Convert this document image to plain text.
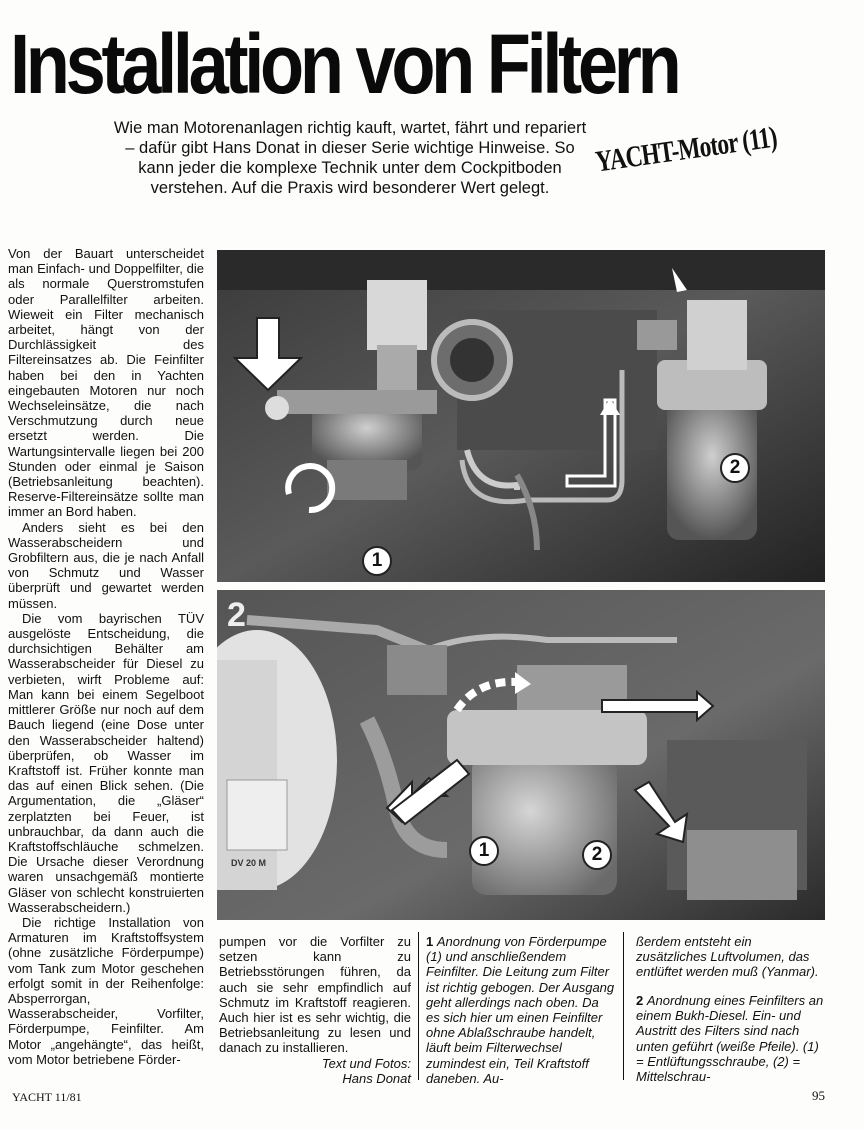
Installation von Filtern
Wie man Motorenanlagen richtig kauft, wartet, fährt und repariert – dafür gibt Hans Donat in dieser Serie wichtige Hinweise. So kann jeder die komplexe Technik unter dem Cockpitboden verstehen. Auf die Praxis wird besonderer Wert gelegt.
YACHT-Motor (11)

Von der Bauart unterscheidet man Einfach- und Doppelfilter, die als normale Querstromstufen oder Parallelfilter arbeiten. Wieweit ein Filter mechanisch arbeitet, hängt von der Durchlässigkeit des Filtereinsatzes ab. Die Feinfilter haben bei den in Yachten eingebauten Motoren nur noch Wechseleinsätze, die nach Verschmutzung durch neue ersetzt werden. Die Wartungsintervalle liegen bei 200 Stunden oder einmal je Saison (Betriebsanleitung beachten). Reserve-Filtereinsätze sollte man immer an Bord haben.

Anders sieht es bei den Wasserabscheidern und Grobfiltern aus, die je nach Anfall von Schmutz und Wasser überprüft und gewartet werden müssen.

Die vom bayrischen TÜV ausgelöste Entscheidung, die durchsichtigen Behälter am Wasserabscheider für Diesel zu verbieten, wirft Probleme auf: Man kann bei einem Segelboot mittlerer Größe nur noch auf dem Bauch liegend (eine Dose unter den Wasserabscheider haltend) überprüfen, ob Wasser im Kraftstoff ist. Früher konnte man das auf einen Blick sehen. (Die Argumentation, die „Gläser“ zerplatzten bei Feuer, ist unbrauchbar, da dann auch die Kraftstoffschläuche schmelzen. Die Ursache dieser Verordnung waren unsachgemäß montierte Gläser von schlecht konstruierten Wasserabscheidern.)

Die richtige Installation von Armaturen im Kraftstoffsystem (ohne zusätzliche Förderpumpe) vom Tank zum Motor geschehen erfolgt somit in der Reihenfolge: Absperrorgan, Wasserabscheider, Vorfilter, Förderpumpe, Feinfilter. Am Motor „angehängte“, das heißt, vom Motor betriebene Förder-

1
2
2
DV 20 M
1	2

pumpen vor die Vorfilter zu setzen kann zu Betriebsstörungen führen, da auch sie sehr empfindlich auf Schmutz im Kraftstoff reagieren. Auch hier ist es sehr wichtig, die Betriebsanleitung zu lesen und danach zu installieren.

Text und Fotos:
Hans Donat
1 Anordnung von Förderpumpe (1) und anschließendem Feinfilter. Die Leitung zum Filter ist richtig gebogen. Der Ausgang geht allerdings nach oben. Da es sich hier um einen Feinfilter ohne Ablaßschraube handelt, läuft beim Filterwechsel zumindest ein, Teil Kraftstoff daneben. Au-
ßerdem entsteht ein zusätzliches Luftvolumen, das entlüftet werden muß (Yanmar).
2 Anordnung eines Feinfilters an einem Bukh-Diesel. Ein- und Austritt des Filters sind nach unten geführt (weiße Pfeile). (1) = Entlüftungsschraube, (2) = Mittelschrau-
YACHT 11/81	95
